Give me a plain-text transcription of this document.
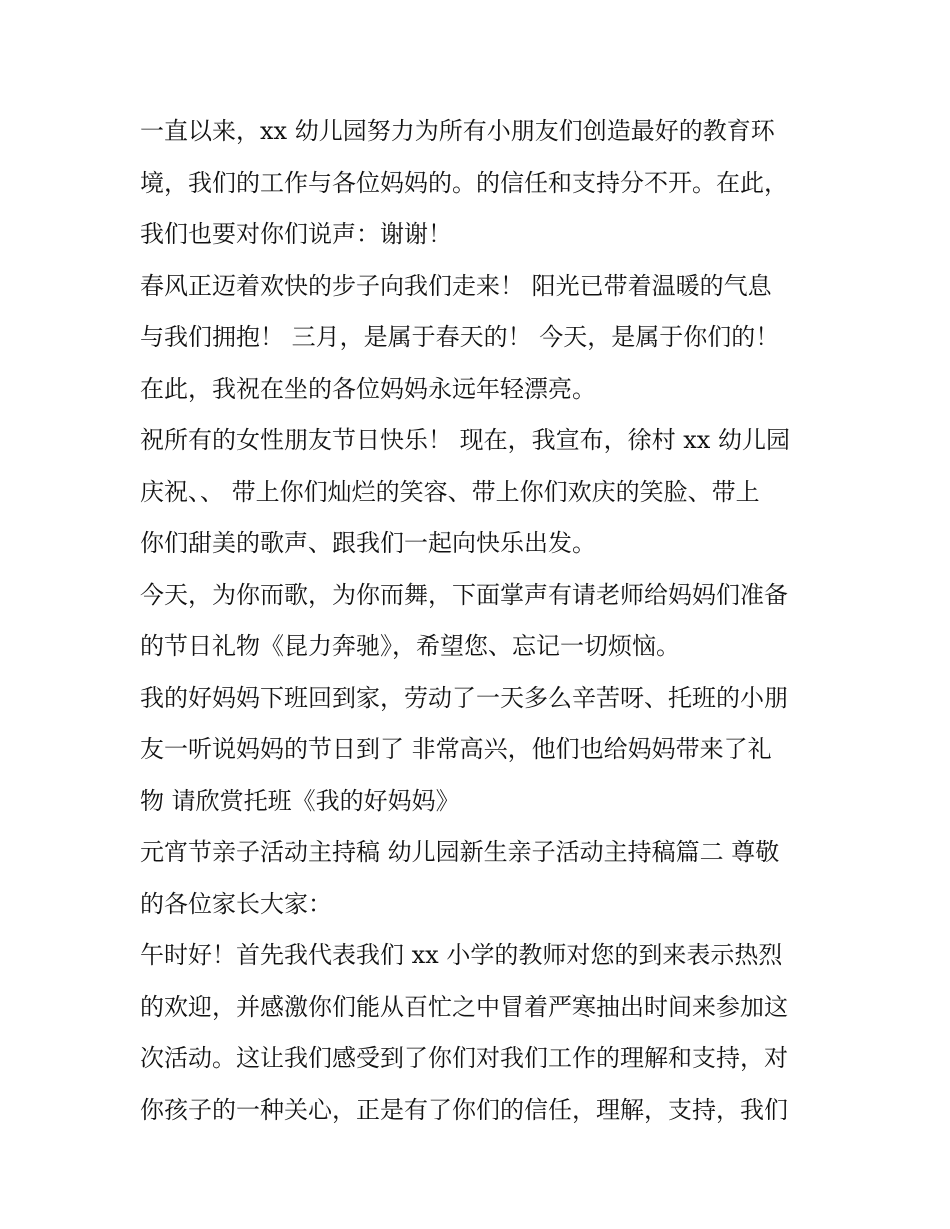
一直以来，xx 幼儿园努力为所有小朋友们创造最好的教育环
境，我们的工作与各位妈妈的。的信任和支持分不开。在此，
我们也要对你们说声：谢谢！
春风正迈着欢快的步子向我们走来！ 阳光已带着温暖的气息
与我们拥抱！ 三月，是属于春天的！ 今天，是属于你们的！
在此，我祝在坐的各位妈妈永远年轻漂亮。
祝所有的女性朋友节日快乐！ 现在，我宣布，徐村 xx 幼儿园
庆祝、、 带上你们灿烂的笑容、带上你们欢庆的笑脸、带上
你们甜美的歌声、跟我们一起向快乐出发。
今天，为你而歌，为你而舞，下面掌声有请老师给妈妈们准备
的节日礼物《昆力奔驰》，希望您、忘记一切烦恼。
我的好妈妈下班回到家，劳动了一天多么辛苦呀、托班的小朋
友一听说妈妈的节日到了 非常高兴，他们也给妈妈带来了礼
物 请欣赏托班《我的好妈妈》
元宵节亲子活动主持稿 幼儿园新生亲子活动主持稿篇二 尊敬
的各位家长大家：
午时好！首先我代表我们 xx 小学的教师对您的到来表示热烈
的欢迎，并感激你们能从百忙之中冒着严寒抽出时间来参加这
次活动。这让我们感受到了你们对我们工作的理解和支持，对
你孩子的一种关心，正是有了你们的信任，理解，支持，我们
